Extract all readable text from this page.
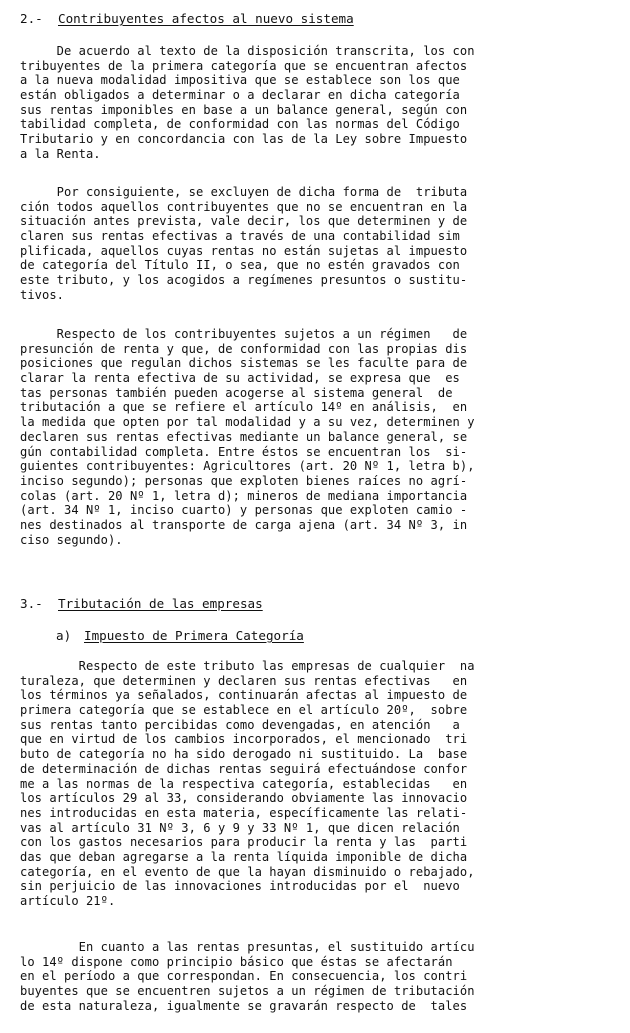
2.- Contribuyentes afectos al nuevo sistema
De acuerdo al texto de la disposición transcrita, los con
tribuyentes de la primera categoría que se encuentran afectos
a la nueva modalidad impositiva que se establece son los que
están obligados a determinar o a declarar en dicha categoría
sus rentas imponibles en base a un balance general, según con
tabilidad completa, de conformidad con las normas del Código
Tributario y en concordancia con las de la Ley sobre Impuesto
a la Renta.
Por consiguiente, se excluyen de dicha forma de  tributa
ción todos aquellos contribuyentes que no se encuentran en la
situación antes prevista, vale decir, los que determinen y de
claren sus rentas efectivas a través de una contabilidad sim
plificada, aquellos cuyas rentas no están sujetas al impuesto
de categoría del Título II, o sea, que no estén gravados con
este tributo, y los acogidos a regímenes presuntos o sustitu-
tivos.
Respecto de los contribuyentes sujetos a un régimen   de
presunción de renta y que, de conformidad con las propias dis
posiciones que regulan dichos sistemas se les faculte para de
clarar la renta efectiva de su actividad, se expresa que  es
tas personas también pueden acogerse al sistema general  de
tributación a que se refiere el artículo 14º en análisis,  en
la medida que opten por tal modalidad y a su vez, determinen y
declaren sus rentas efectivas mediante un balance general, se
gún contabilidad completa. Entre éstos se encuentran los  si-
guientes contribuyentes: Agricultores (art. 20 Nº 1, letra b),
inciso segundo); personas que exploten bienes raíces no agrí-
colas (art. 20 Nº 1, letra d); mineros de mediana importancia
(art. 34 Nº 1, inciso cuarto) y personas que exploten camio -
nes destinados al transporte de carga ajena (art. 34 Nº 3, in
ciso segundo).
3.- Tributación de las empresas
a) Impuesto de Primera Categoría
Respecto de este tributo las empresas de cualquier  na
turaleza, que determinen y declaren sus rentas efectivas   en
los términos ya señalados, continuarán afectas al impuesto de
primera categoría que se establece en el artículo 20º,  sobre
sus rentas tanto percibidas como devengadas, en atención   a
que en virtud de los cambios incorporados, el mencionado  tri
buto de categoría no ha sido derogado ni sustituido. La  base
de determinación de dichas rentas seguirá efectuándose confor
me a las normas de la respectiva categoría, establecidas   en
los artículos 29 al 33, considerando obviamente las innovacio
nes introducidas en esta materia, específicamente las relati-
vas al artículo 31 Nº 3, 6 y 9 y 33 Nº 1, que dicen relación
con los gastos necesarios para producir la renta y las  parti
das que deban agregarse a la renta líquida imponible de dicha
categoría, en el evento de que la hayan disminuido o rebajado,
sin perjuicio de las innovaciones introducidas por el  nuevo
artículo 21º.
En cuanto a las rentas presuntas, el sustituido artícu
lo 14º dispone como principio básico que éstas se afectarán
en el período a que correspondan. En consecuencia, los contri
buyentes que se encuentren sujetos a un régimen de tributación
de esta naturaleza, igualmente se gravarán respecto de  tales
